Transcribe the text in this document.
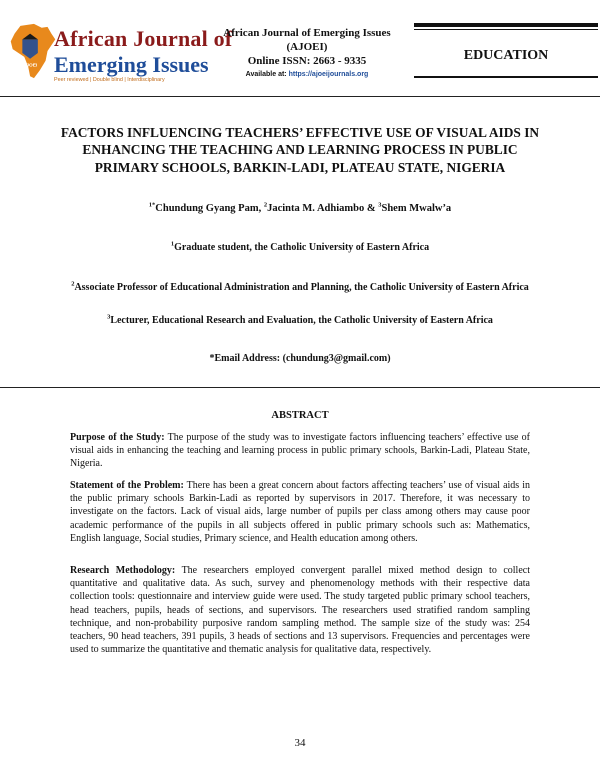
AJOEI
African Journal of
Emerging Issues
Peer reviewed | Double blind | Interdisciplinary
African Journal of Emerging Issues
(AJOEI)
Online ISSN: 2663 - 9335
Available at: https://ajoeijournals.org
EDUCATION
FACTORS INFLUENCING TEACHERS’ EFFECTIVE USE OF VISUAL AIDS IN ENHANCING THE TEACHING AND LEARNING PROCESS IN PUBLIC PRIMARY SCHOOLS, BARKIN-LADI, PLATEAU STATE, NIGERIA
$^{1*}$Chundung Gyang Pam, $^2$Jacinta M. Adhiambo & $^3$Shem Mwalw’a
$^1$Graduate student, the Catholic University of Eastern Africa
$^2$Associate Professor of Educational Administration and Planning, the Catholic University of Eastern Africa
$^3$Lecturer, Educational Research and Evaluation, the Catholic University of Eastern Africa
*Email Address: (chundung3@gmail.com)
ABSTRACT
Purpose of the Study: The purpose of the study was to investigate factors influencing teachers’ effective use of visual aids in enhancing the teaching and learning process in public primary schools, Barkin-Ladi, Plateau State, Nigeria.
Statement of the Problem: There has been a great concern about factors affecting teachers’ use of visual aids in the public primary schools Barkin-Ladi as reported by supervisors in 2017. Therefore, it was necessary to investigate on the factors. Lack of visual aids, large number of pupils per class among others may cause poor academic performance of the pupils in all subjects offered in public primary schools such as: Mathematics, English language, Social studies, Primary science, and Health education among others.
Research Methodology: The researchers employed convergent parallel mixed method design to collect quantitative and qualitative data. As such, survey and phenomenology methods with their respective data collection tools: questionnaire and interview guide were used. The study targeted public primary school teachers, head teachers, pupils, heads of sections, and supervisors. The researchers used stratified random sampling technique, and non-probability purposive random sampling method. The sample size of the study was: 254 teachers, 90 head teachers, 391 pupils, 3 heads of sections and 13 supervisors. Frequencies and percentages were used to summarize the quantitative and thematic analysis for qualitative data, respectively.
34
